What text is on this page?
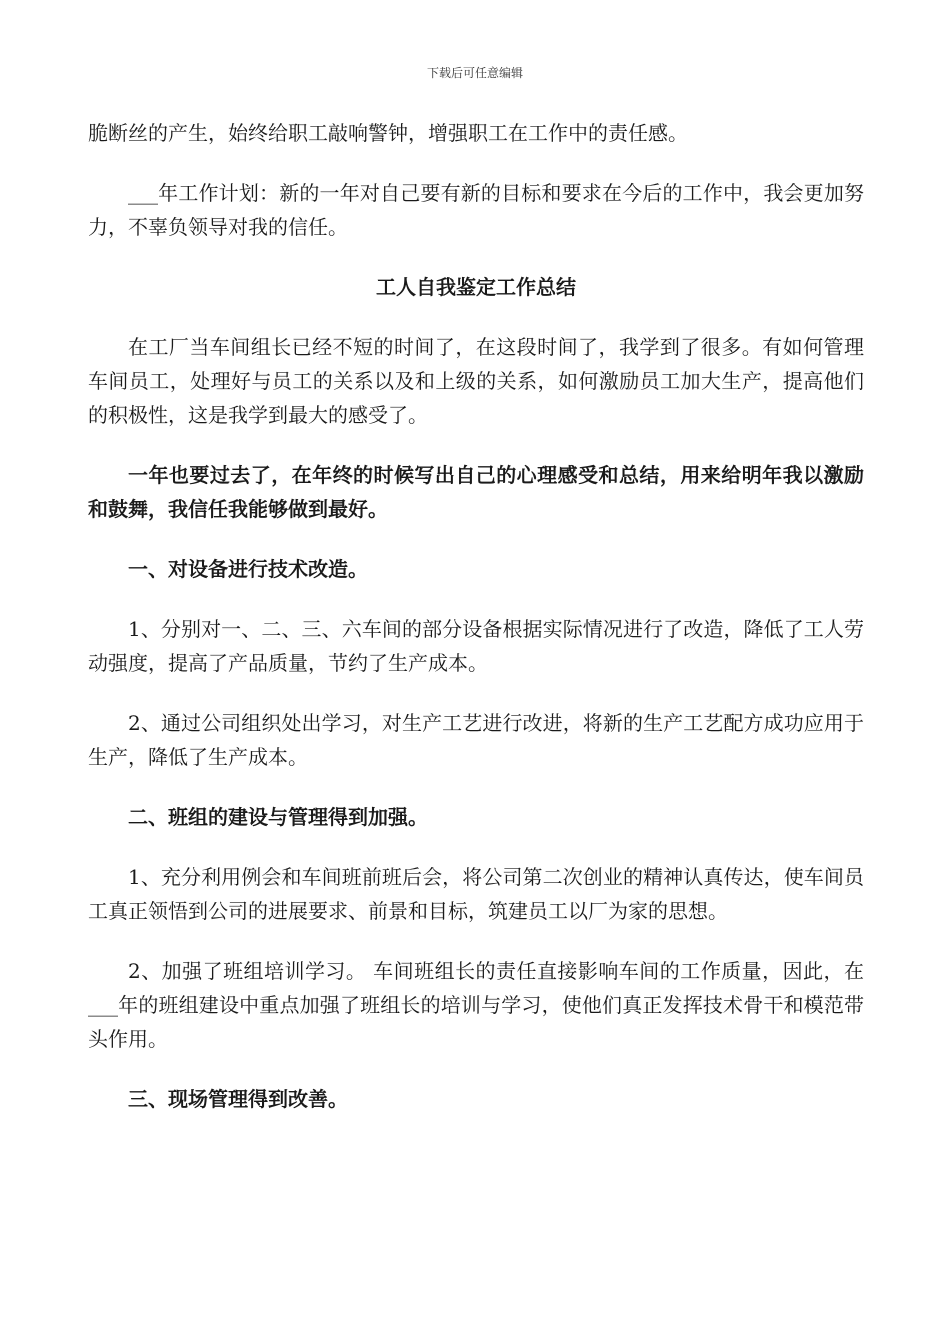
下载后可任意编辑

脆断丝的产生，始终给职工敲响警钟，增强职工在工作中的责任感。

___年工作计划：新的一年对自己要有新的目标和要求在今后的工作中，我会更加努力，不辜负领导对我的信任。

工人自我鉴定工作总结

在工厂当车间组长已经不短的时间了，在这段时间了，我学到了很多。有如何管理车间员工，处理好与员工的关系以及和上级的关系，如何激励员工加大生产，提高他们的积极性，这是我学到最大的感受了。

一年也要过去了，在年终的时候写出自己的心理感受和总结，用来给明年我以激励和鼓舞，我信任我能够做到最好。

一、对设备进行技术改造。

1、分别对一、二、三、六车间的部分设备根据实际情况进行了改造，降低了工人劳动强度，提高了产品质量，节约了生产成本。

2、通过公司组织处出学习，对生产工艺进行改进，将新的生产工艺配方成功应用于生产，降低了生产成本。

二、班组的建设与管理得到加强。

1、充分利用例会和车间班前班后会，将公司第二次创业的精神认真传达，使车间员工真正领悟到公司的进展要求、前景和目标，筑建员工以厂为家的思想。

2、加强了班组培训学习。 车间班组长的责任直接影响车间的工作质量，因此，在___年的班组建设中重点加强了班组长的培训与学习，使他们真正发挥技术骨干和模范带头作用。

三、现场管理得到改善。
